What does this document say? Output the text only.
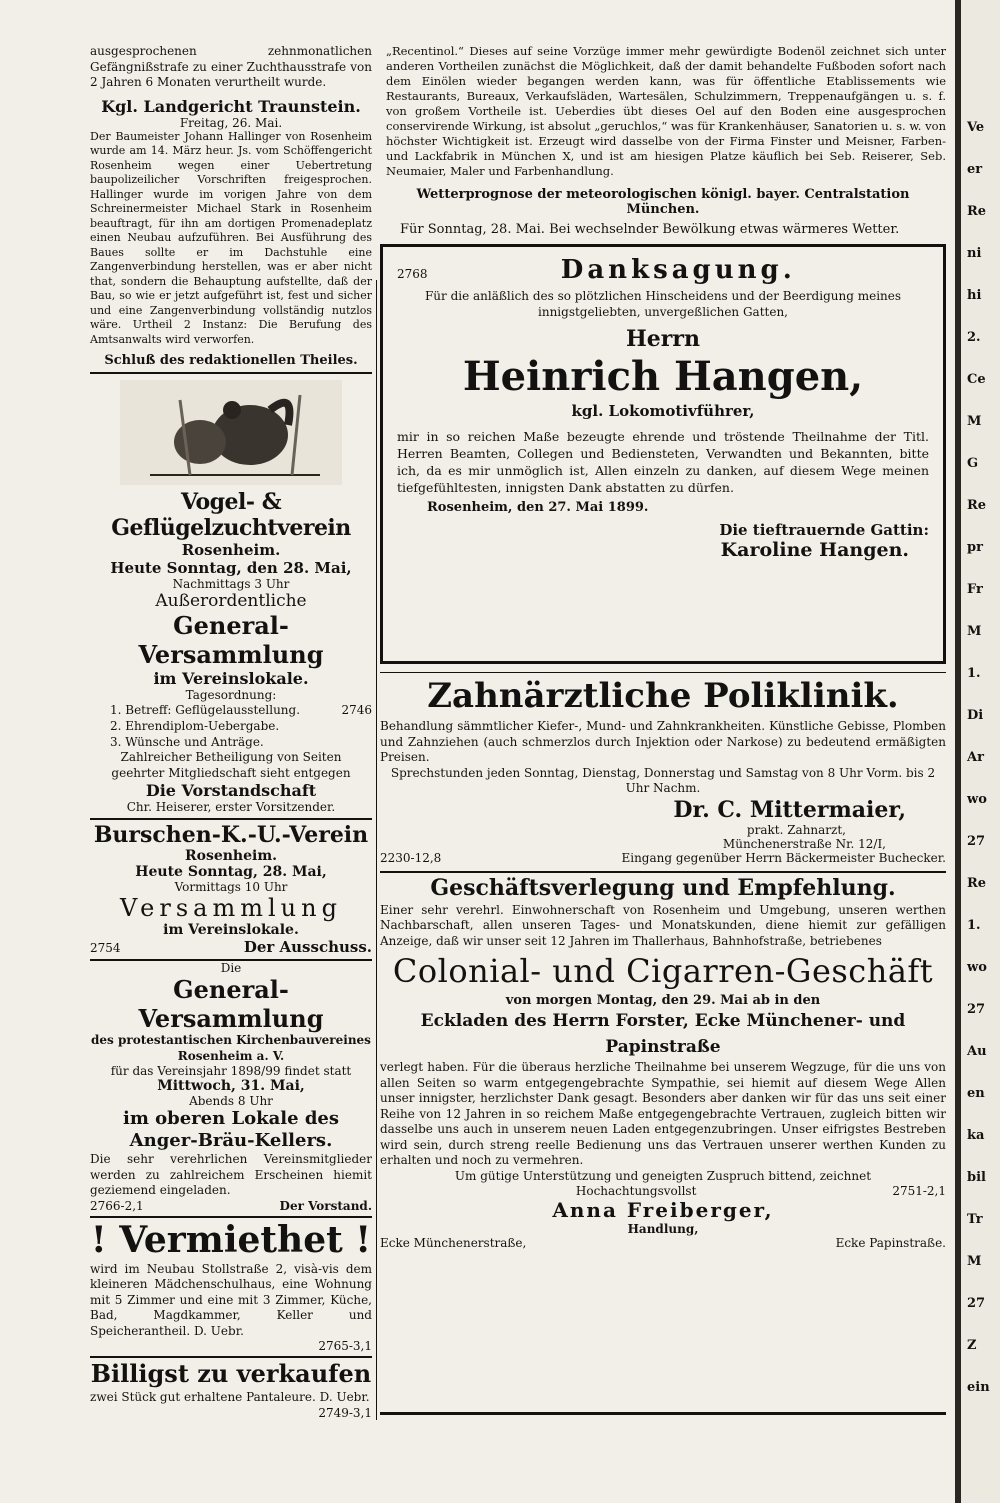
ausgesprochenen zehnmonatlichen Gefängnißstrafe zu einer Zuchthausstrafe von 2 Jahren 6 Monaten verurtheilt wurde.

Kgl. Landgericht Traunstein.
Freitag, 26. Mai.

Der Baumeister Johann Hallinger von Rosenheim wurde am 14. März heur. Js. vom Schöffengericht Rosenheim wegen einer Uebertretung baupolizeilicher Vorschriften freigesprochen. Hallinger wurde im vorigen Jahre von dem Schreinermeister Michael Stark in Rosenheim beauftragt, für ihn am dortigen Promenadeplatz einen Neubau aufzuführen. Bei Ausführung des Baues sollte er im Dachstuhle eine Zangenverbindung herstellen, was er aber nicht that, sondern die Behauptung aufstellte, daß der Bau, so wie er jetzt aufgeführt ist, fest und sicher und eine Zangenverbindung vollständig nutzlos wäre. Urtheil 2 Instanz: Die Berufung des Amtsanwalts wird verworfen.

Schluß des redaktionellen Theiles.
Vogel- & Geflügelzuchtverein
Rosenheim.
Heute Sonntag, den 28. Mai,
Nachmittags 3 Uhr
Außerordentliche
General-Versammlung
im Vereinslokale.
Tagesordnung:
1. Betreff: Geflügelausstellung.
2. Ehrendiplom-Uebergabe.
3. Wünsche und Anträge.
2746

Zahlreicher Betheiligung von Seiten geehrter Mitgliedschaft sieht entgegen

Die Vorstandschaft
Chr. Heiserer, erster Vorsitzender.
Burschen-K.-U.-Verein
Rosenheim.
Heute Sonntag, 28. Mai,
Vormittags 10 Uhr
Versammlung
im Vereinslokale.
2754	Der Ausschuss.
Die
General-Versammlung

des protestantischen Kirchenbauvereines Rosenheim a. V.

für das Vereinsjahr 1898/99 findet statt
Mittwoch, 31. Mai,
Abends 8 Uhr
im oberen Lokale des Anger-Bräu-Kellers.

Die sehr verehrlichen Vereinsmitglieder werden zu zahlreichem Erscheinen hiemit geziemend eingeladen.

2766-2,1	Der Vorstand.
! Vermiethet !

wird im Neubau Stollstraße 2, visà-vis dem kleineren Mädchenschulhaus, eine Wohnung mit 5 Zimmer und eine mit 3 Zimmer, Küche, Bad, Magdkammer, Keller und Speicherantheil. D. Uebr.

2765-3,1
Billigst zu verkaufen

zwei Stück gut erhaltene Pantaleure. D. Uebr.

2749-3,1

„Recentinol.“ Dieses auf seine Vorzüge immer mehr gewürdigte Bodenöl zeichnet sich unter anderen Vortheilen zunächst die Möglichkeit, daß der damit behandelte Fußboden sofort nach dem Einölen wieder begangen werden kann, was für öffentliche Etablissements wie Restaurants, Bureaux, Verkaufsläden, Wartesälen, Schulzimmern, Treppenaufgängen u. s. f. von großem Vortheile ist. Ueberdies übt dieses Oel auf den Boden eine ausgesprochen conservirende Wirkung, ist absolut „geruchlos,“ was für Krankenhäuser, Sanatorien u. s. w. von höchster Wichtigkeit ist. Erzeugt wird dasselbe von der Firma Finster und Meisner, Farben- und Lackfabrik in München X, und ist am hiesigen Platze käuflich bei Seb. Reiserer, Seb. Neumaier, Maler und Farbenhandlung.

Wetterprognose der meteorologischen königl. bayer. Centralstation München.

Für Sonntag, 28. Mai. Bei wechselnder Bewölkung etwas wärmeres Wetter.

2768	Danksagung.

Für die anläßlich des so plötzlichen Hinscheidens und der Beerdigung meines innigstgeliebten, unvergeßlichen Gatten,

Herrn
Heinrich Hangen,
kgl. Lokomotivführer,

mir in so reichen Maße bezeugte ehrende und tröstende Theilnahme der Titl. Herren Beamten, Collegen und Bediensteten, Verwandten und Bekannten, bitte ich, da es mir unmöglich ist, Allen einzeln zu danken, auf diesem Wege meinen tiefgefühltesten, innigsten Dank abstatten zu dürfen.

Rosenheim, den 27. Mai 1899.
Die tieftrauernde Gattin:
Karoline Hangen.
Zahnärztliche Poliklinik.

Behandlung sämmtlicher Kiefer-, Mund- und Zahnkrankheiten. Künstliche Gebisse, Plomben und Zahnziehen (auch schmerzlos durch Injektion oder Narkose) zu bedeutend ermäßigten Preisen.

Sprechstunden jeden Sonntag, Dienstag, Donnerstag und Samstag von 8 Uhr Vorm. bis 2 Uhr Nachm.

Dr. C. Mittermaier,
prakt. Zahnarzt,
Münchenerstraße Nr. 12/I,
2230-12,8	Eingang gegenüber Herrn Bäckermeister Buchecker.
Geschäftsverlegung und Empfehlung.

Einer sehr verehrl. Einwohnerschaft von Rosenheim und Umgebung, unseren werthen Nachbarschaft, allen unseren Tages- und Monatskunden, diene hiemit zur gefälligen Anzeige, daß wir unser seit 12 Jahren im Thallerhaus, Bahnhofstraße, betriebenes

Colonial- und Cigarren-Geschäft
von morgen Montag, den 29. Mai ab in den
Eckladen des Herrn Forster, Ecke Münchener- und Papinstraße

verlegt haben. Für die überaus herzliche Theilnahme bei unserem Wegzuge, für die uns von allen Seiten so warm entgegengebrachte Sympathie, sei hiemit auf diesem Wege Allen unser innigster, herzlichster Dank gesagt. Besonders aber danken wir für das uns seit einer Reihe von 12 Jahren in so reichem Maße entgegengebrachte Vertrauen, zugleich bitten wir dasselbe uns auch in unserem neuen Laden entgegenzubringen. Unser eifrigstes Bestreben wird sein, durch streng reelle Bedienung uns das Vertrauen unserer werthen Kunden zu erhalten und noch zu vermehren.

Um gütige Unterstützung und geneigten Zuspruch bittend, zeichnet

Hochachtungsvollst	2751-2,1
Anna Freiberger,
Handlung,
Ecke Münchenerstraße,	Ecke Papinstraße.
Ve
er
Re
ni
hi
2.
Ce
M
G
Re
pr
Fr
M
1.
Di
Ar
wo
27
Re
1.
wo
27
Au
en
ka
bil
Tr
M
27
Z
ein
